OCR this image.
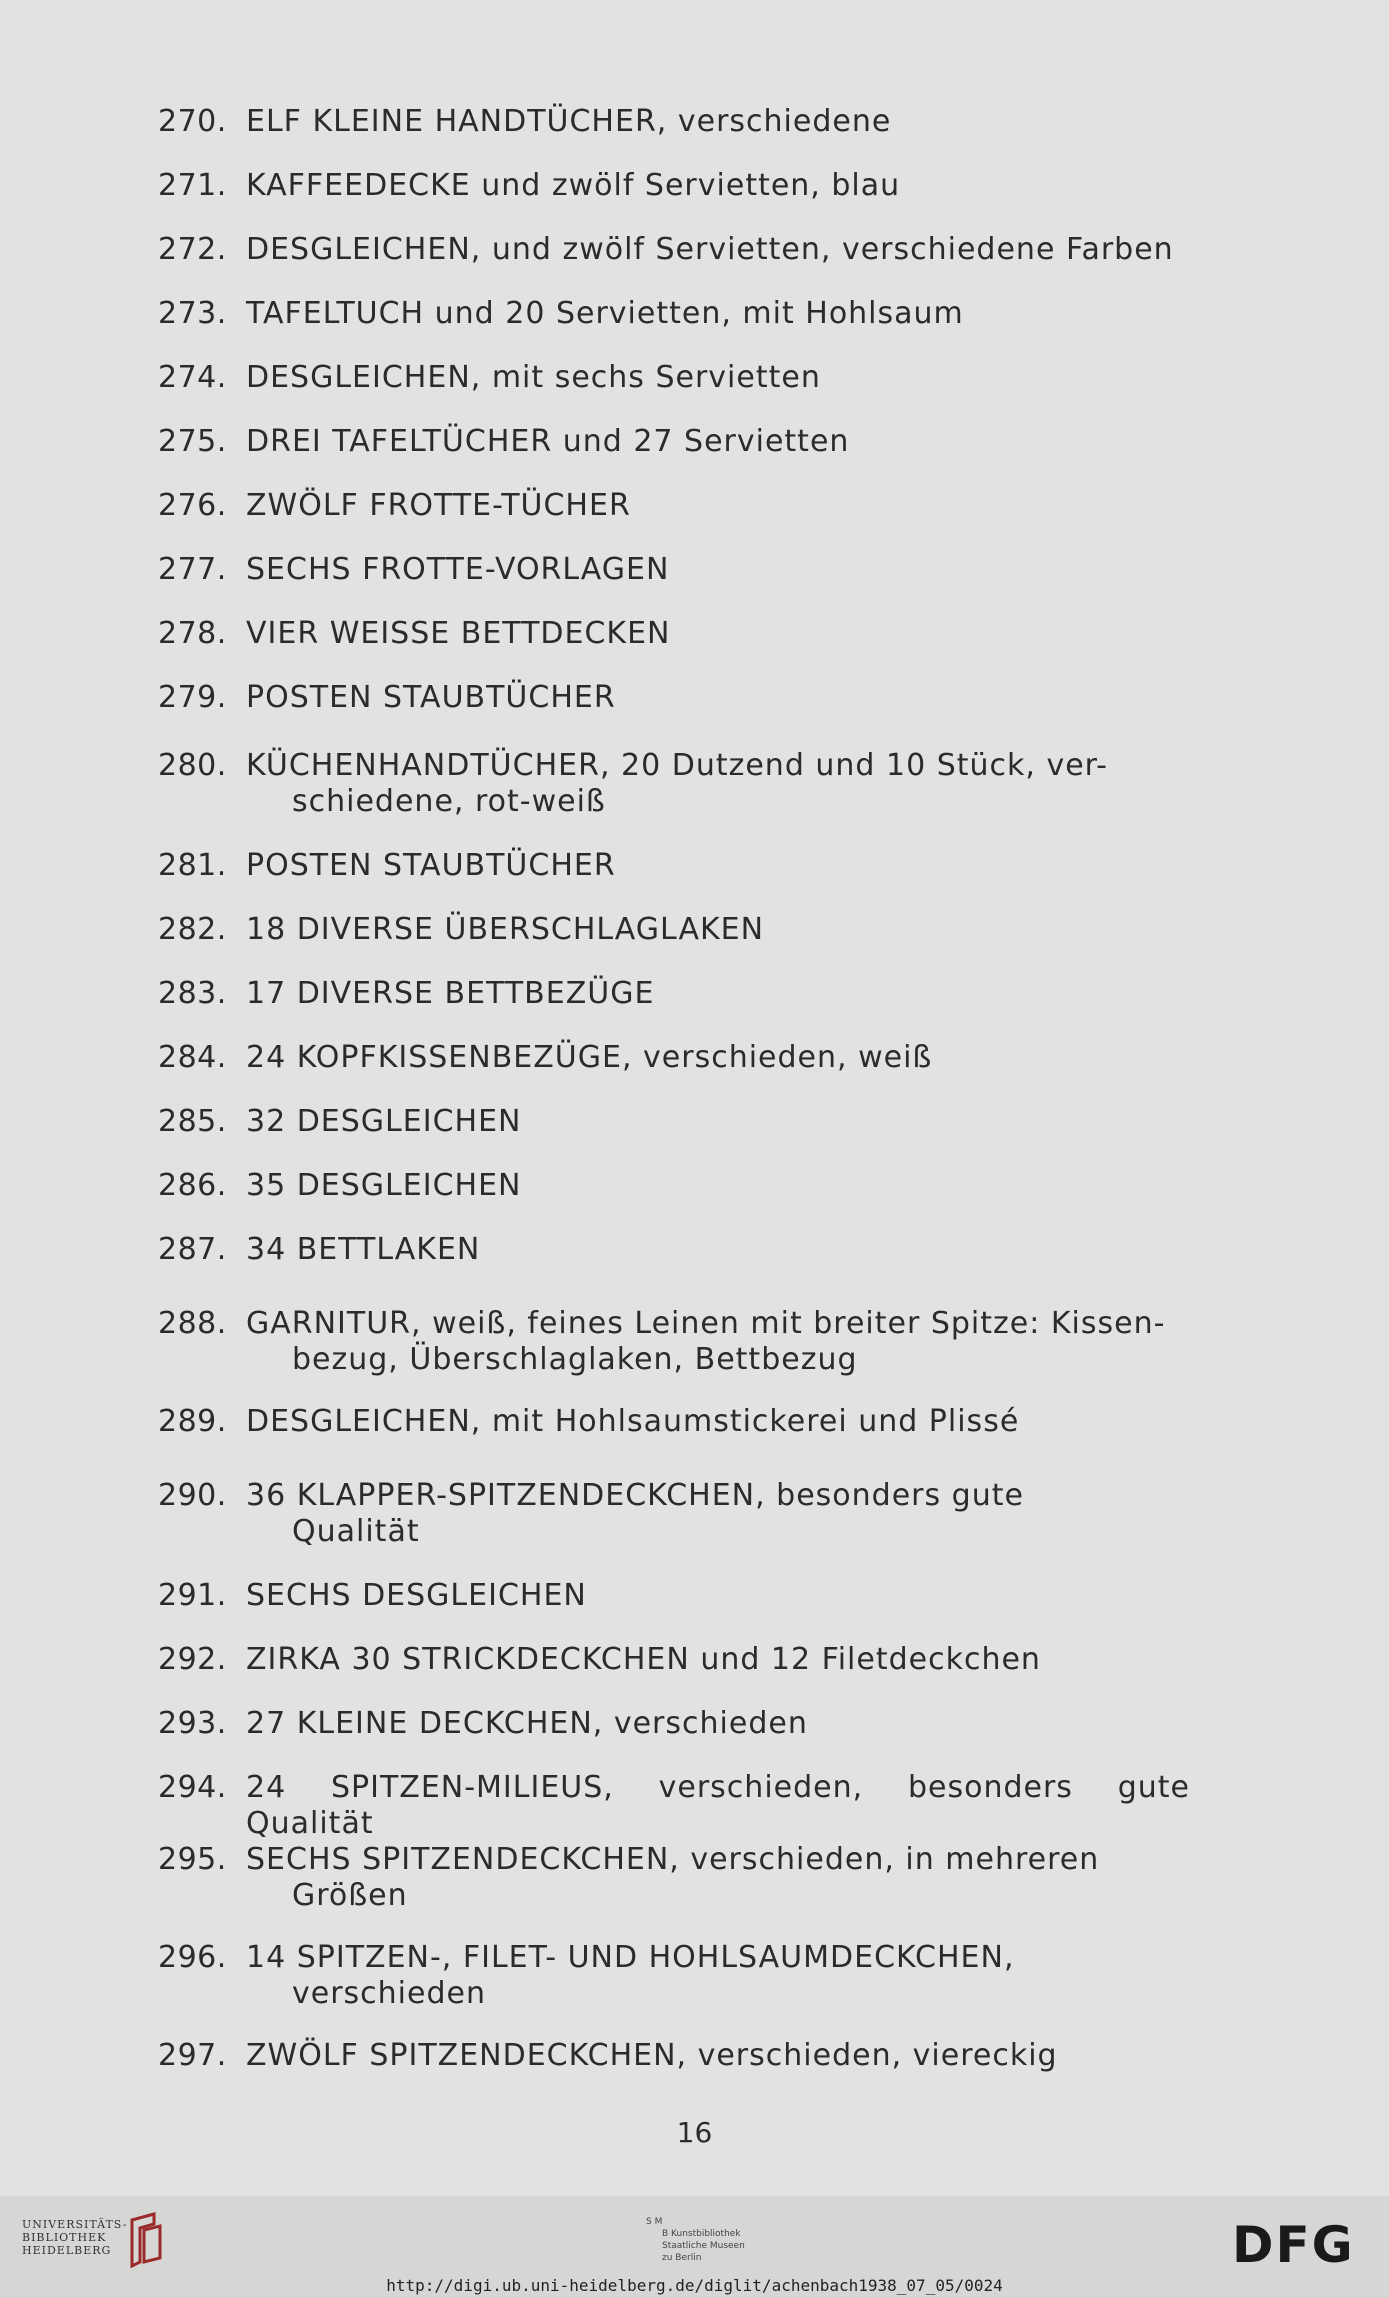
270. ELF KLEINE HANDTÜCHER, verschiedene
271. KAFFEEDECKE und zwölf Servietten, blau
272. DESGLEICHEN, und zwölf Servietten, verschiedene Farben
273. TAFELTUCH und 20 Servietten, mit Hohlsaum
274. DESGLEICHEN, mit sechs Servietten
275. DREI TAFELTÜCHER und 27 Servietten
276. ZWÖLF FROTTE-TÜCHER
277. SECHS FROTTE-VORLAGEN
278. VIER WEISSE BETTDECKEN
279. POSTEN STAUBTÜCHER
280. KÜCHENHANDTÜCHER, 20 Dutzend und 10 Stück, ver-
schiedene, rot-weiß
281. POSTEN STAUBTÜCHER
282. 18 DIVERSE ÜBERSCHLAGLAKEN
283. 17 DIVERSE BETTBEZÜGE
284. 24 KOPFKISSENBEZÜGE, verschieden, weiß
285. 32 DESGLEICHEN
286. 35 DESGLEICHEN
287. 34 BETTLAKEN
288. GARNITUR, weiß, feines Leinen mit breiter Spitze: Kissen-
bezug, Überschlaglaken, Bettbezug
289. DESGLEICHEN, mit Hohlsaumstickerei und Plissé
290. 36 KLAPPER-SPITZENDECKCHEN, besonders gute
Qualität
291. SECHS DESGLEICHEN
292. ZIRKA 30 STRICKDECKCHEN und 12 Filetdeckchen
293. 27 KLEINE DECKCHEN, verschieden
294. 24 SPITZEN-MILIEUS, verschieden, besonders gute Qualität
295. SECHS SPITZENDECKCHEN, verschieden, in mehreren
Größen
296. 14 SPITZEN-, FILET- UND HOHLSAUMDECKCHEN,
verschieden
297. ZWÖLF SPITZENDECKCHEN, verschieden, viereckig
16
UNIVERSITÄTS-
BIBLIOTHEK
HEIDELBERG
S M
B Kunstbibliothek
Staatliche Museen
zu Berlin	DFG
http://digi.ub.uni-heidelberg.de/diglit/achenbach1938_07_05/0024
